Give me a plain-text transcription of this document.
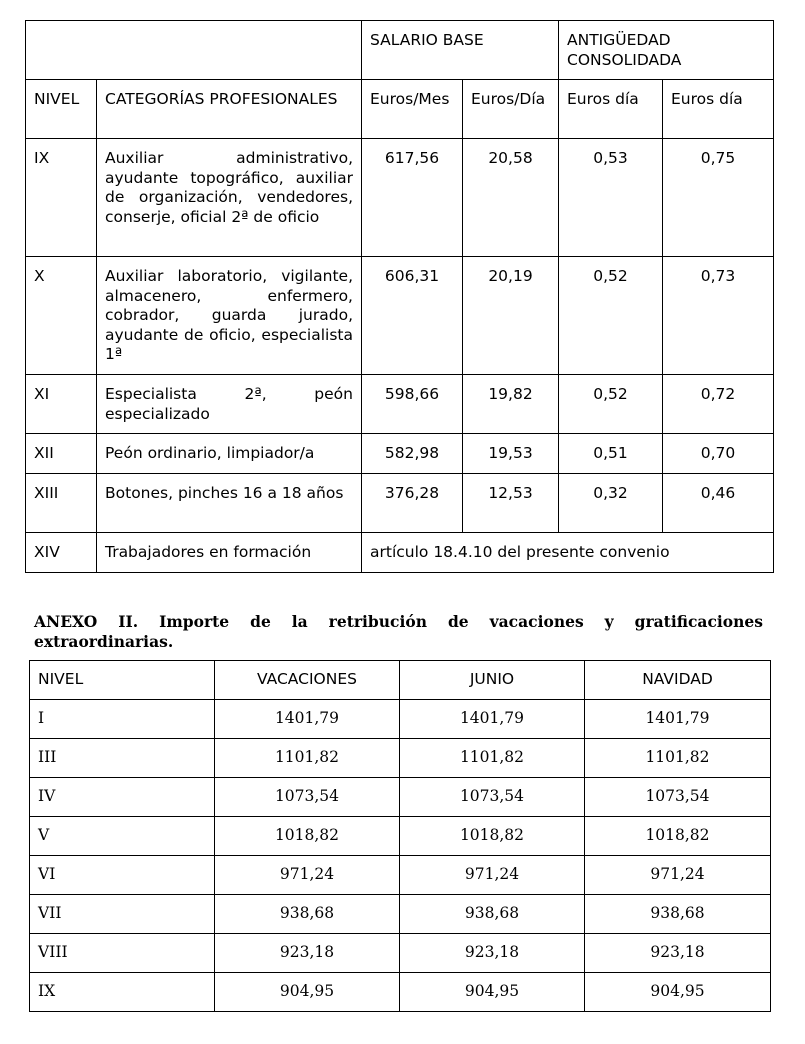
		SALARIO BASE		ANTIGÜEDAD CONSOLIDADA	
NIVEL	CATEGORÍAS PROFESIONALES	Euros/Mes	Euros/Día	Euros día	Euros día
IX	Auxiliar administrativo, ayudante topográfico, auxiliar de organización, vendedores, conserje, oficial 2ª de oficio	617,56	20,58	0,53	0,75
X	Auxiliar laboratorio, vigilante, almacenero, enfermero, cobrador, guarda jurado, ayudante de oficio, especialista 1ª	606,31	20,19	0,52	0,73
XI	Especialista 2ª, peón especializado	598,66	19,82	0,52	0,72
XII	Peón ordinario, limpiador/a	582,98	19,53	0,51	0,70
XIII	Botones, pinches 16 a 18 años	376,28	12,53	0,32	0,46
XIV	Trabajadores en formación	artículo 18.4.10 del presente convenio			
ANEXO II. Importe de la retribución de vacaciones y gratificaciones extraordinarias.
NIVEL	VACACIONES	JUNIO	NAVIDAD
I	1401,79	1401,79	1401,79
III	1101,82	1101,82	1101,82
IV	1073,54	1073,54	1073,54
V	1018,82	1018,82	1018,82
VI	971,24	971,24	971,24
VII	938,68	938,68	938,68
VIII	923,18	923,18	923,18
IX	904,95	904,95	904,95
